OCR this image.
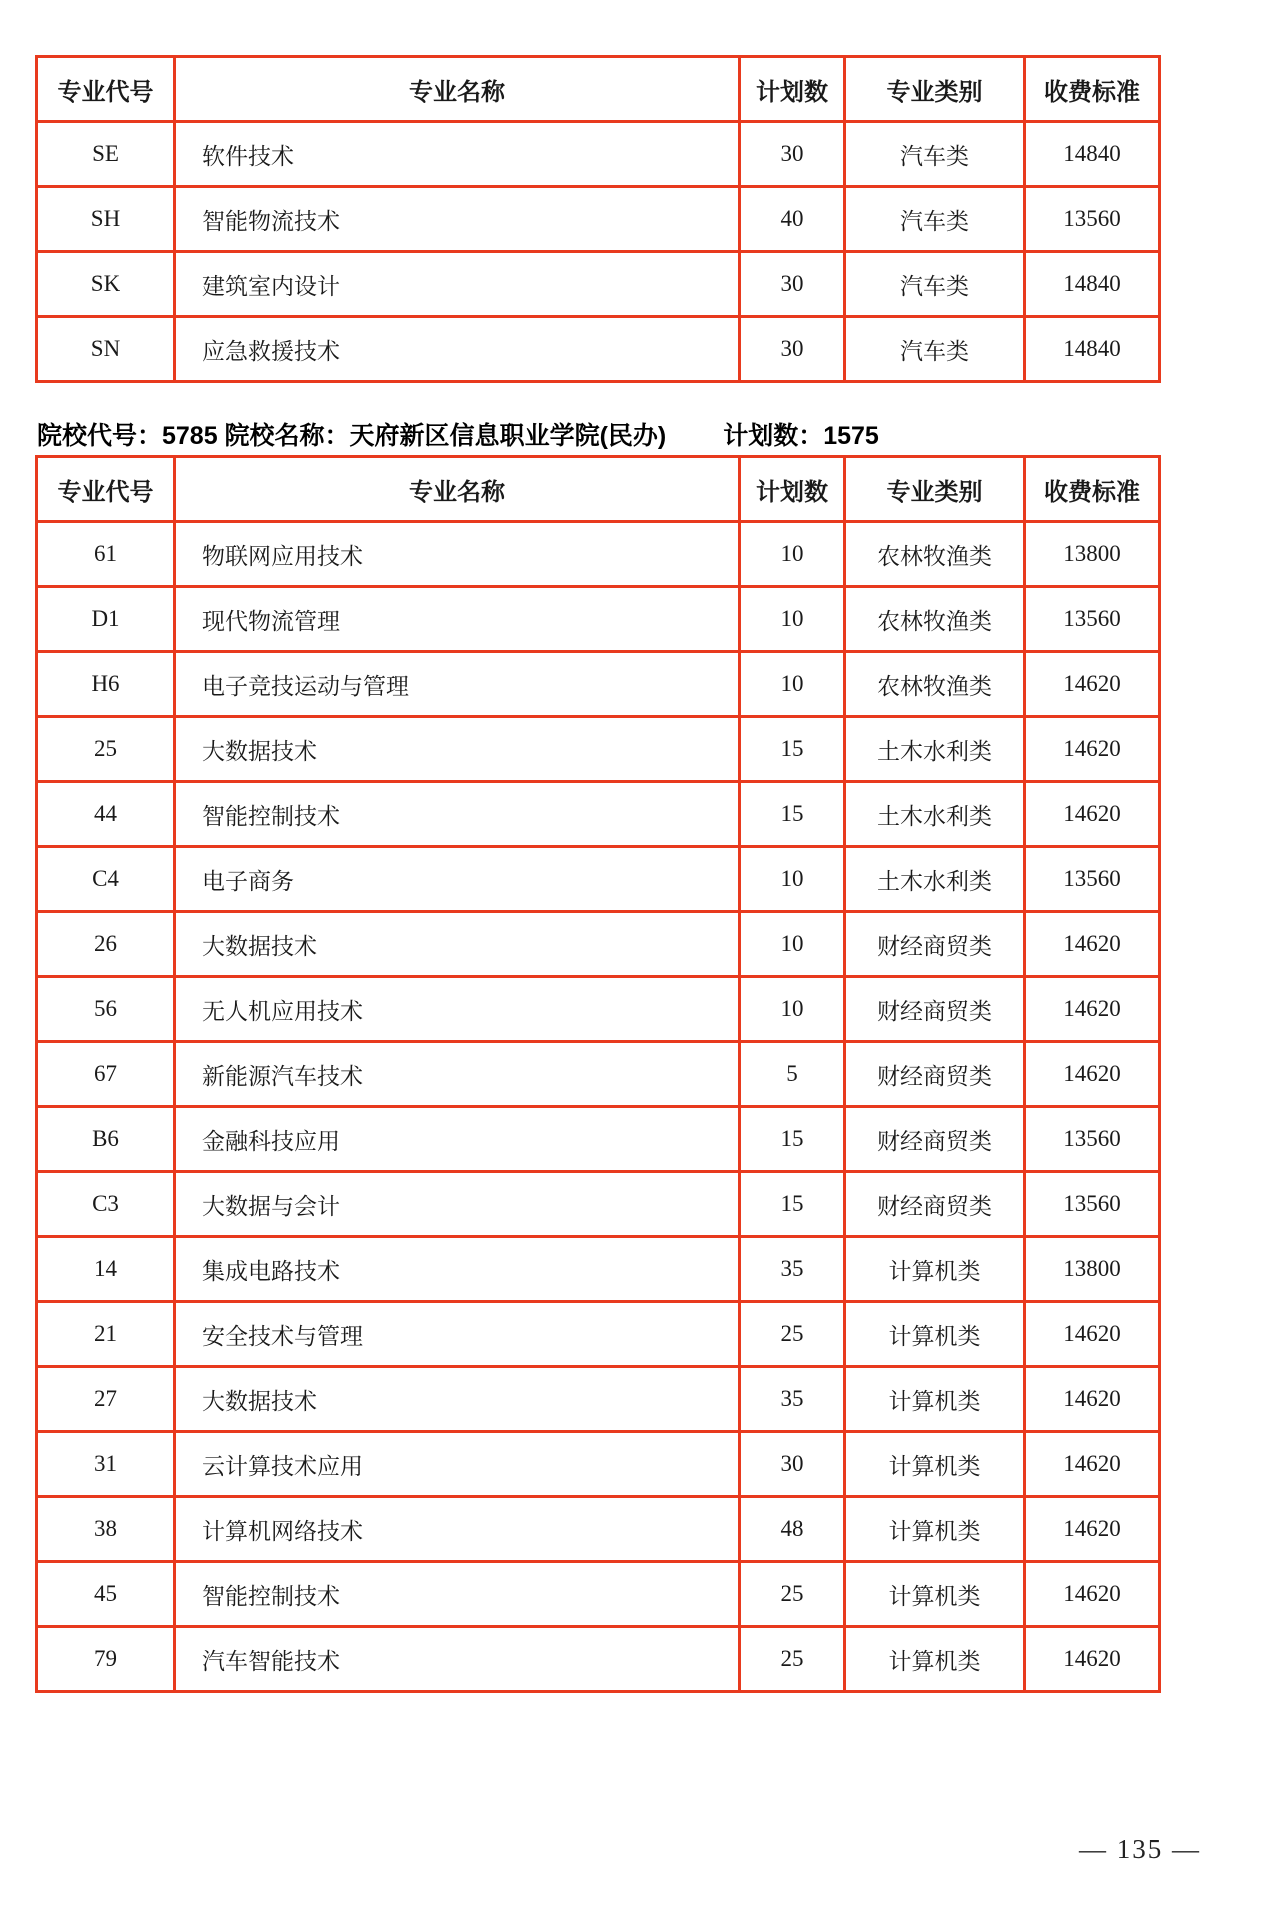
专业代号	专业名称	计划数	专业类别	收费标准
SE	软件技术	30	汽车类	14840
SH	智能物流技术	40	汽车类	13560
SK	建筑室内设计	30	汽车类	14840
SN	应急救援技术	30	汽车类	14840
院校代号：5785 院校名称：天府新区信息职业学院(民办) 计划数：1575
专业代号	专业名称	计划数	专业类别	收费标准
61	物联网应用技术	10	农林牧渔类	13800
D1	现代物流管理	10	农林牧渔类	13560
H6	电子竞技运动与管理	10	农林牧渔类	14620
25	大数据技术	15	土木水利类	14620
44	智能控制技术	15	土木水利类	14620
C4	电子商务	10	土木水利类	13560
26	大数据技术	10	财经商贸类	14620
56	无人机应用技术	10	财经商贸类	14620
67	新能源汽车技术	5	财经商贸类	14620
B6	金融科技应用	15	财经商贸类	13560
C3	大数据与会计	15	财经商贸类	13560
14	集成电路技术	35	计算机类	13800
21	安全技术与管理	25	计算机类	14620
27	大数据技术	35	计算机类	14620
31	云计算技术应用	30	计算机类	14620
38	计算机网络技术	48	计算机类	14620
45	智能控制技术	25	计算机类	14620
79	汽车智能技术	25	计算机类	14620
— 135 —
